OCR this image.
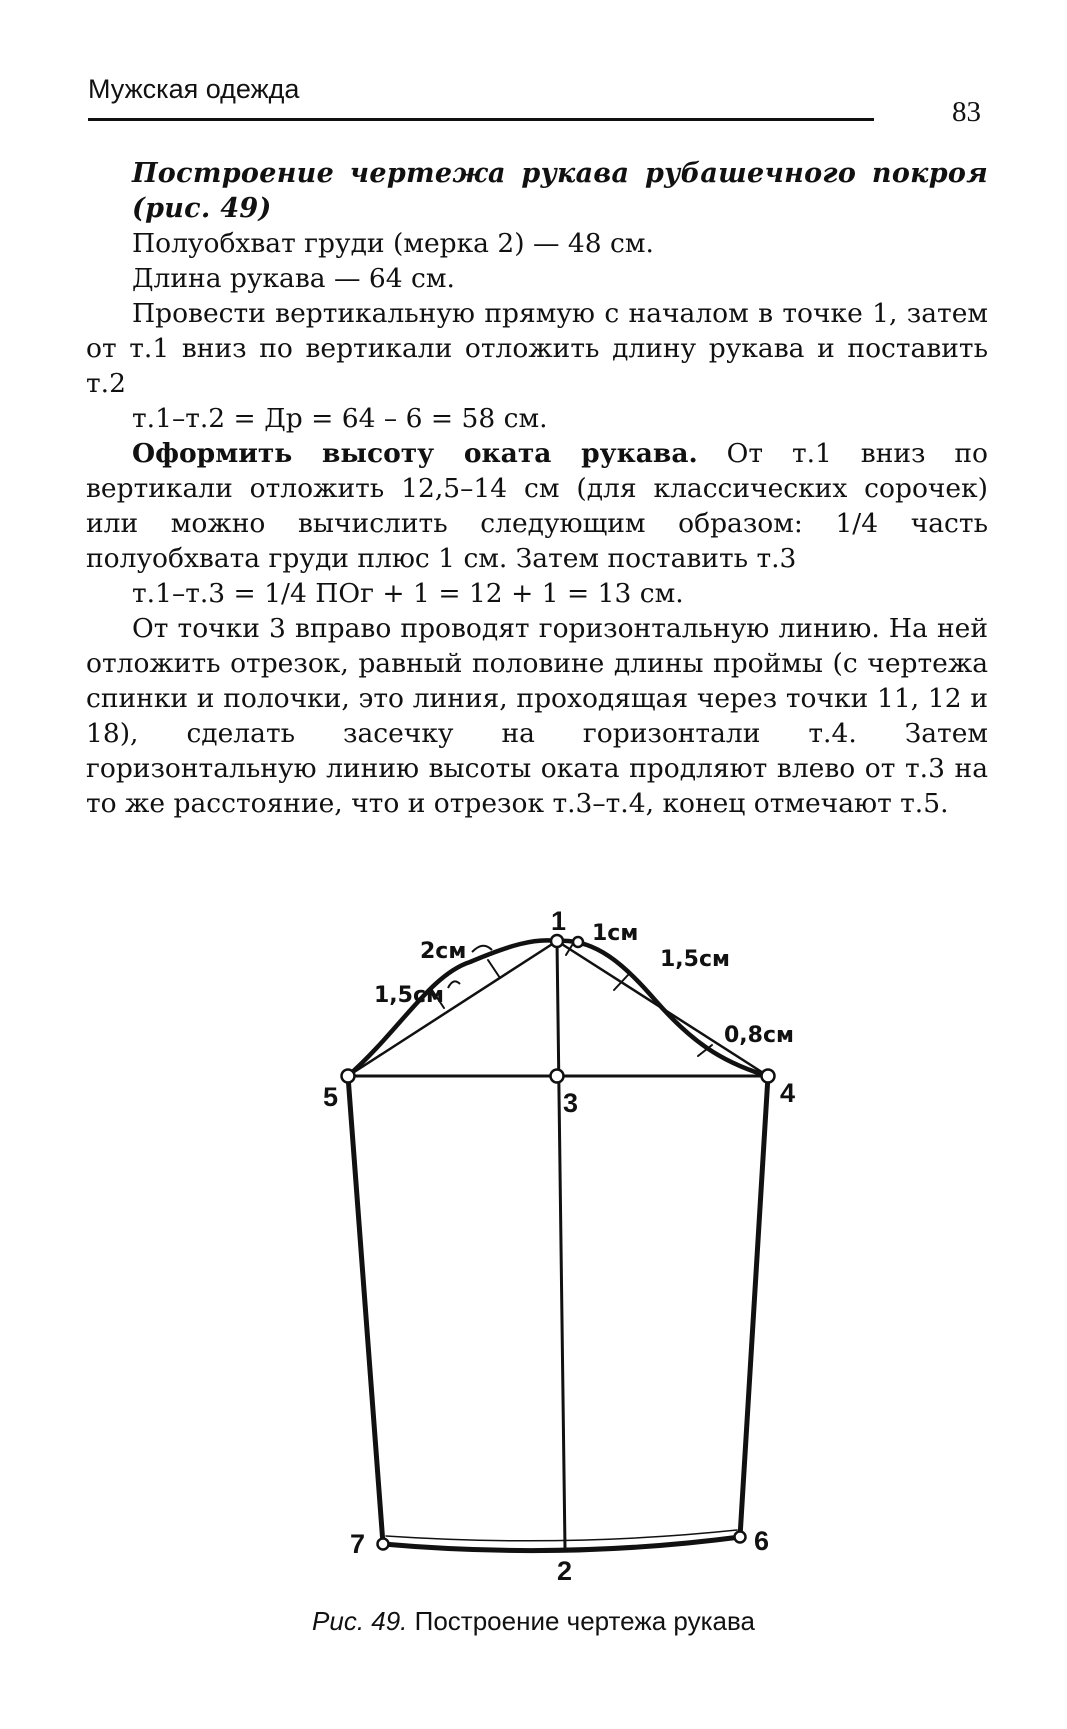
Мужская одежда
83

Построение чертежа рукава рубашечного покроя (рис. 49)

Полуобхват груди (мерка 2) — 48 см.
Длина рукава — 64 см.

Провести вертикальную прямую с началом в точке 1, затем от т.1 вниз по вертикали отложить длину рукава и поставить т.2

т.1–т.2 = Др = 64 – 6 = 58 см.

Оформить высоту оката рукава. От т.1 вниз по вертикали отложить 12,5–14 см (для классических сорочек) или можно вычислить следующим образом: 1/4 часть полуобхвата груди плюс 1 см. Затем поставить т.3

т.1–т.3 = 1/4 ПОг + 1 = 12 + 1 = 13 см.

От точки 3 вправо проводят горизонтальную линию. На ней отложить отрезок, равный половине длины проймы (с чертежа спинки и полочки, это линия, проходящая через точки 11, 12 и 18), сделать засечку на горизонтали т.4. Затем горизонтальную линию высоты оката продляют влево от т.3 на то же расстояние, что и отрезок т.3–т.4, конец отмечают т.5.

1
2
3	4
5
6
7
2см
1,5см
1см
1,5см
0,8см
Рис. 49. Построение чертежа рукава
